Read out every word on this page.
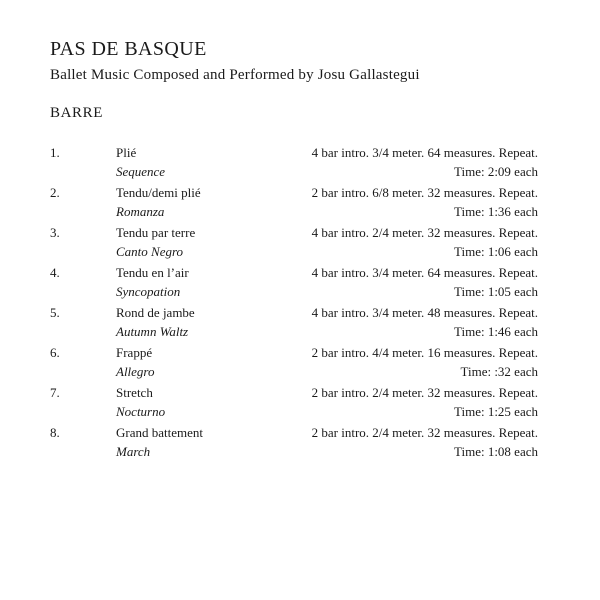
PAS DE BASQUE
Ballet Music Composed and Performed by Josu Gallastegui
BARRE
1.	Plié
Sequence
4 bar intro. 3/4 meter. 64 measures. Repeat.
Time: 2:09 each
2.	Tendu/demi plié
Romanza
2 bar intro. 6/8 meter. 32 measures. Repeat.
Time: 1:36 each
3.	Tendu par terre
Canto Negro
4 bar intro. 2/4 meter. 32 measures. Repeat.
Time: 1:06 each
4.	Tendu en l’air
Syncopation
4 bar intro. 3/4 meter. 64 measures. Repeat.
Time: 1:05 each
5.	Rond de jambe
Autumn Waltz
4 bar intro. 3/4 meter. 48 measures. Repeat.
Time: 1:46 each
6.	Frappé
Allegro
2 bar intro. 4/4 meter. 16 measures. Repeat.
Time: :32 each
7.	Stretch
Nocturno
2 bar intro. 2/4 meter. 32 measures. Repeat.
Time: 1:25 each
8.	Grand battement
March
2 bar intro. 2/4 meter. 32 measures. Repeat.
Time: 1:08 each
